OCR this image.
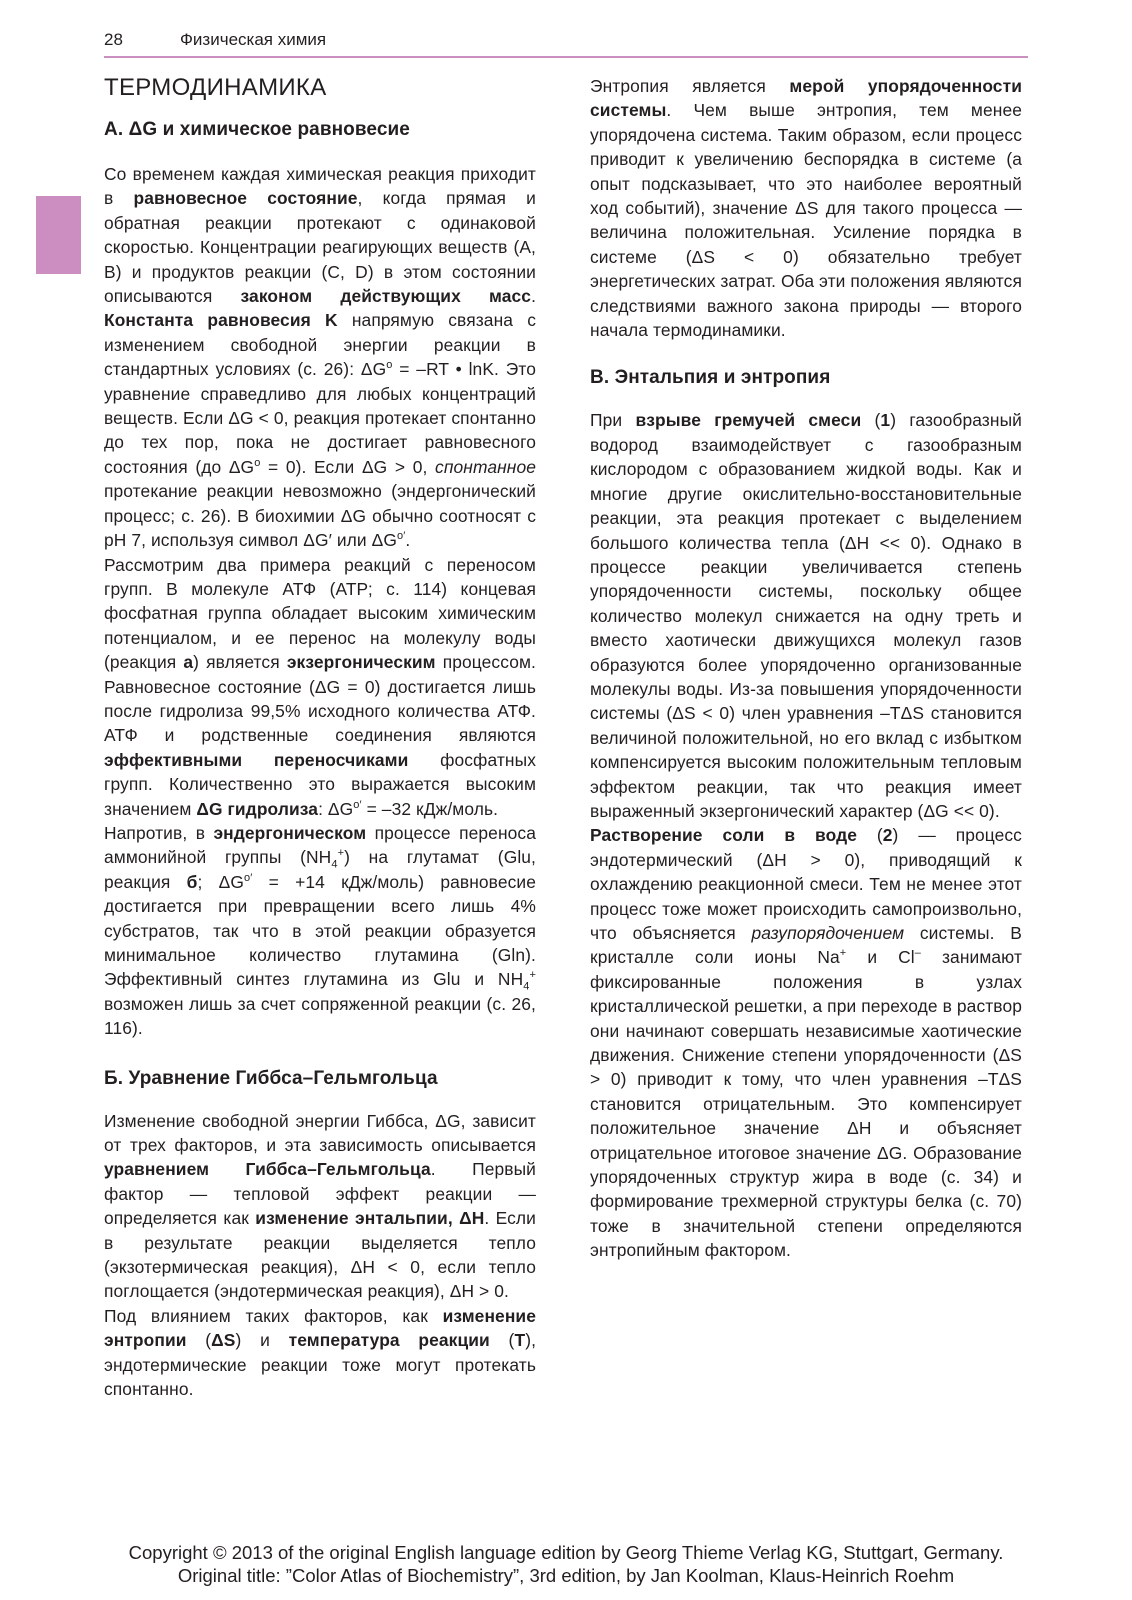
28	Физическая химия
ТЕРМОДИНАМИКА
А. ΔG и химическое равновесие

Со временем каждая химическая реакция приходит в равновесное состояние, когда прямая и обратная реакции протекают с одинаковой скоростью. Концентрации реагирующих веществ (А, В) и продуктов реакции (С, D) в этом состоянии описываются законом действующих масс. Константа равновесия K напрямую связана с изменением свободной энергии реакции в стандартных условиях (с. 26): $\Delta G^o = -RT$ • lnK. Это уравнение справедливо для любых концентраций веществ. Если ΔG < 0, реакция протекает спонтанно до тех пор, пока не достигает равновесного состояния (до $\Delta G^o = 0$). Если ΔG > 0, спонтанное протекание реакции невозможно (эндергонический процесс; с. 26). В биохимии ΔG обычно соотносят с рН 7, используя символ ΔG′ или $\Delta G^{o'}$.

Рассмотрим два примера реакций с переносом групп. В молекуле АТФ (АТР; с. 114) концевая фосфатная группа обладает высоким химическим потенциалом, и ее перенос на молекулу воды (реакция а) является экзергоническим процессом. Равновесное состояние (ΔG = 0) достигается лишь после гидролиза 99,5% исходного количества АТФ. АТФ и родственные соединения являются эффективными переносчиками фосфатных групп. Количественно это выражается высоким значением ΔG гидролиза: $\Delta G^{o'} = -32$ кДж/моль.

Напротив, в эндергоническом процессе переноса аммонийной группы $(NH_4^+)$ на глутамат (Glu, реакция б; $\Delta G^{o'} = +14$ кДж/моль) равновесие достигается при превращении всего лишь 4% субстратов, так что в этой реакции образуется минимальное количество глутамина (Gln). Эффективный синтез глутамина из Glu и $NH_4^+$ возможен лишь за счет сопряженной реакции (с. 26, 116).

Б. Уравнение Гиббса–Гельмгольца

Изменение свободной энергии Гиббса, ΔG, зависит от трех факторов, и эта зависимость описывается уравнением Гиббса–Гельмгольца. Первый фактор — тепловой эффект реакции — определяется как изменение энтальпии, ΔH. Если в результате реакции выделяется тепло (экзотермическая реакция), ΔH < 0, если тепло поглощается (эндотермическая реакция), ΔH > 0.

Под влиянием таких факторов, как изменение энтропии (ΔS) и температура реакции (T), эндотермические реакции тоже могут протекать спонтанно.

Энтропия является мерой упорядоченности системы. Чем выше энтропия, тем менее упорядочена система. Таким образом, если процесс приводит к увеличению беспорядка в системе (а опыт подсказывает, что это наиболее вероятный ход событий), значение ΔS для такого процесса — величина положительная. Усиление порядка в системе (ΔS < 0) обязательно требует энергетических затрат. Оба эти положения являются следствиями важного закона природы — второго начала термодинамики.

В. Энтальпия и энтропия

При взрыве гремучей смеси (1) газообразный водород взаимодействует с газообразным кислородом с образованием жидкой воды. Как и многие другие окислительно-восстановительные реакции, эта реакция протекает с выделением большого количества тепла (ΔH << 0). Однако в процессе реакции увеличивается степень упорядоченности системы, поскольку общее количество молекул снижается на одну треть и вместо хаотически движущихся молекул газов образуются более упорядоченно организованные молекулы воды. Из-за повышения упорядоченности системы (ΔS < 0) член уравнения –TΔS становится величиной положительной, но его вклад с избытком компенсируется высоким положительным тепловым эффектом реакции, так что реакция имеет выраженный экзергонический характер (ΔG << 0).

Растворение соли в воде (2) — процесс эндотермический (ΔH > 0), приводящий к охлаждению реакционной смеси. Тем не менее этот процесс тоже может происходить самопроизвольно, что объясняется разупорядочением системы. В кристалле соли ионы Na+ и Cl– занимают фиксированные положения в узлах кристаллической решетки, а при переходе в раствор они начинают совершать независимые хаотические движения. Снижение степени упорядоченности (ΔS > 0) приводит к тому, что член уравнения –TΔS становится отрицательным. Это компенсирует положительное значение ΔH и объясняет отрицательное итоговое значение ΔG. Образование упорядоченных структур жира в воде (с. 34) и формирование трехмерной структуры белка (с. 70) тоже в значительной степени определяются энтропийным фактором.

Copyright © 2013 of the original English language edition by Georg Thieme Verlag KG, Stuttgart, Germany.
Original title: ”Color Atlas of Biochemistry”, 3rd edition, by Jan Koolman, Klaus-Heinrich Roehm
